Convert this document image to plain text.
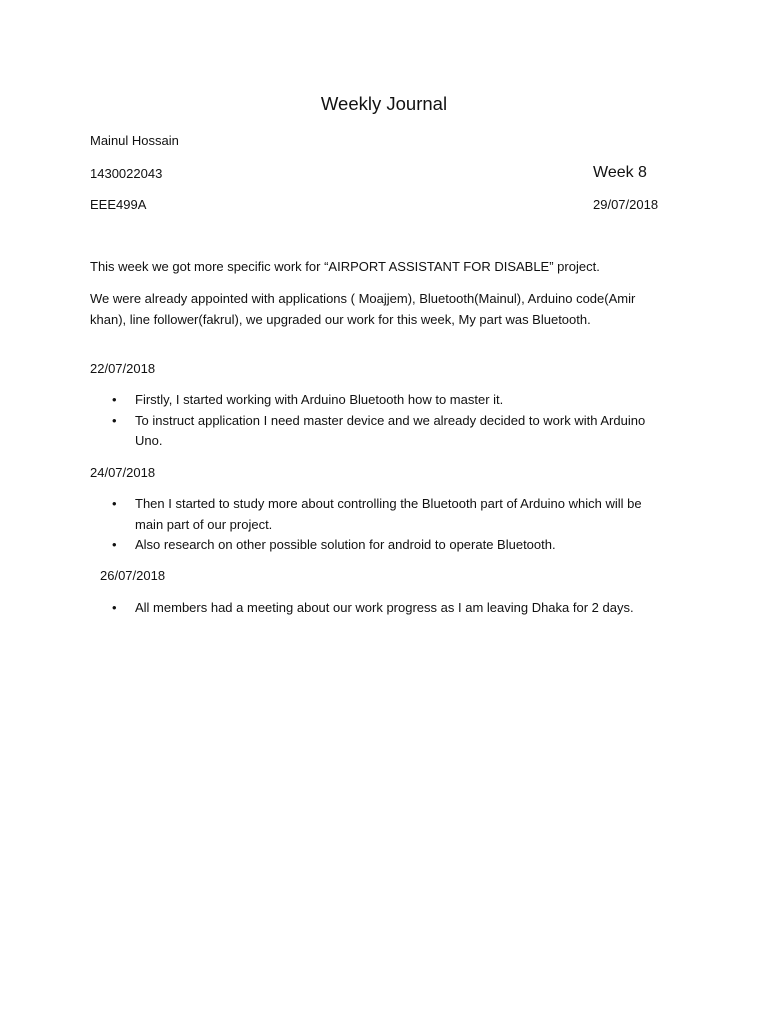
Weekly Journal
Mainul Hossain
1430022043	Week 8
EEE499A	29/07/2018
This week we got more specific work for “AIRPORT ASSISTANT FOR DISABLE” project.
We were already appointed with applications ( Moajjem), Bluetooth(Mainul), Arduino code(Amir khan), line follower(fakrul), we upgraded our work for this week, My part was Bluetooth.
22/07/2018
• Firstly, I started working with Arduino Bluetooth how to master it.
• To instruct application I need master device and we already decided to work with Arduino Uno.
24/07/2018
• Then I started to study more about controlling the Bluetooth part of Arduino which will be main part of our project.
• Also research on other possible solution for android to operate Bluetooth.
26/07/2018
• All members had a meeting about our work progress as I am leaving Dhaka for 2 days.
